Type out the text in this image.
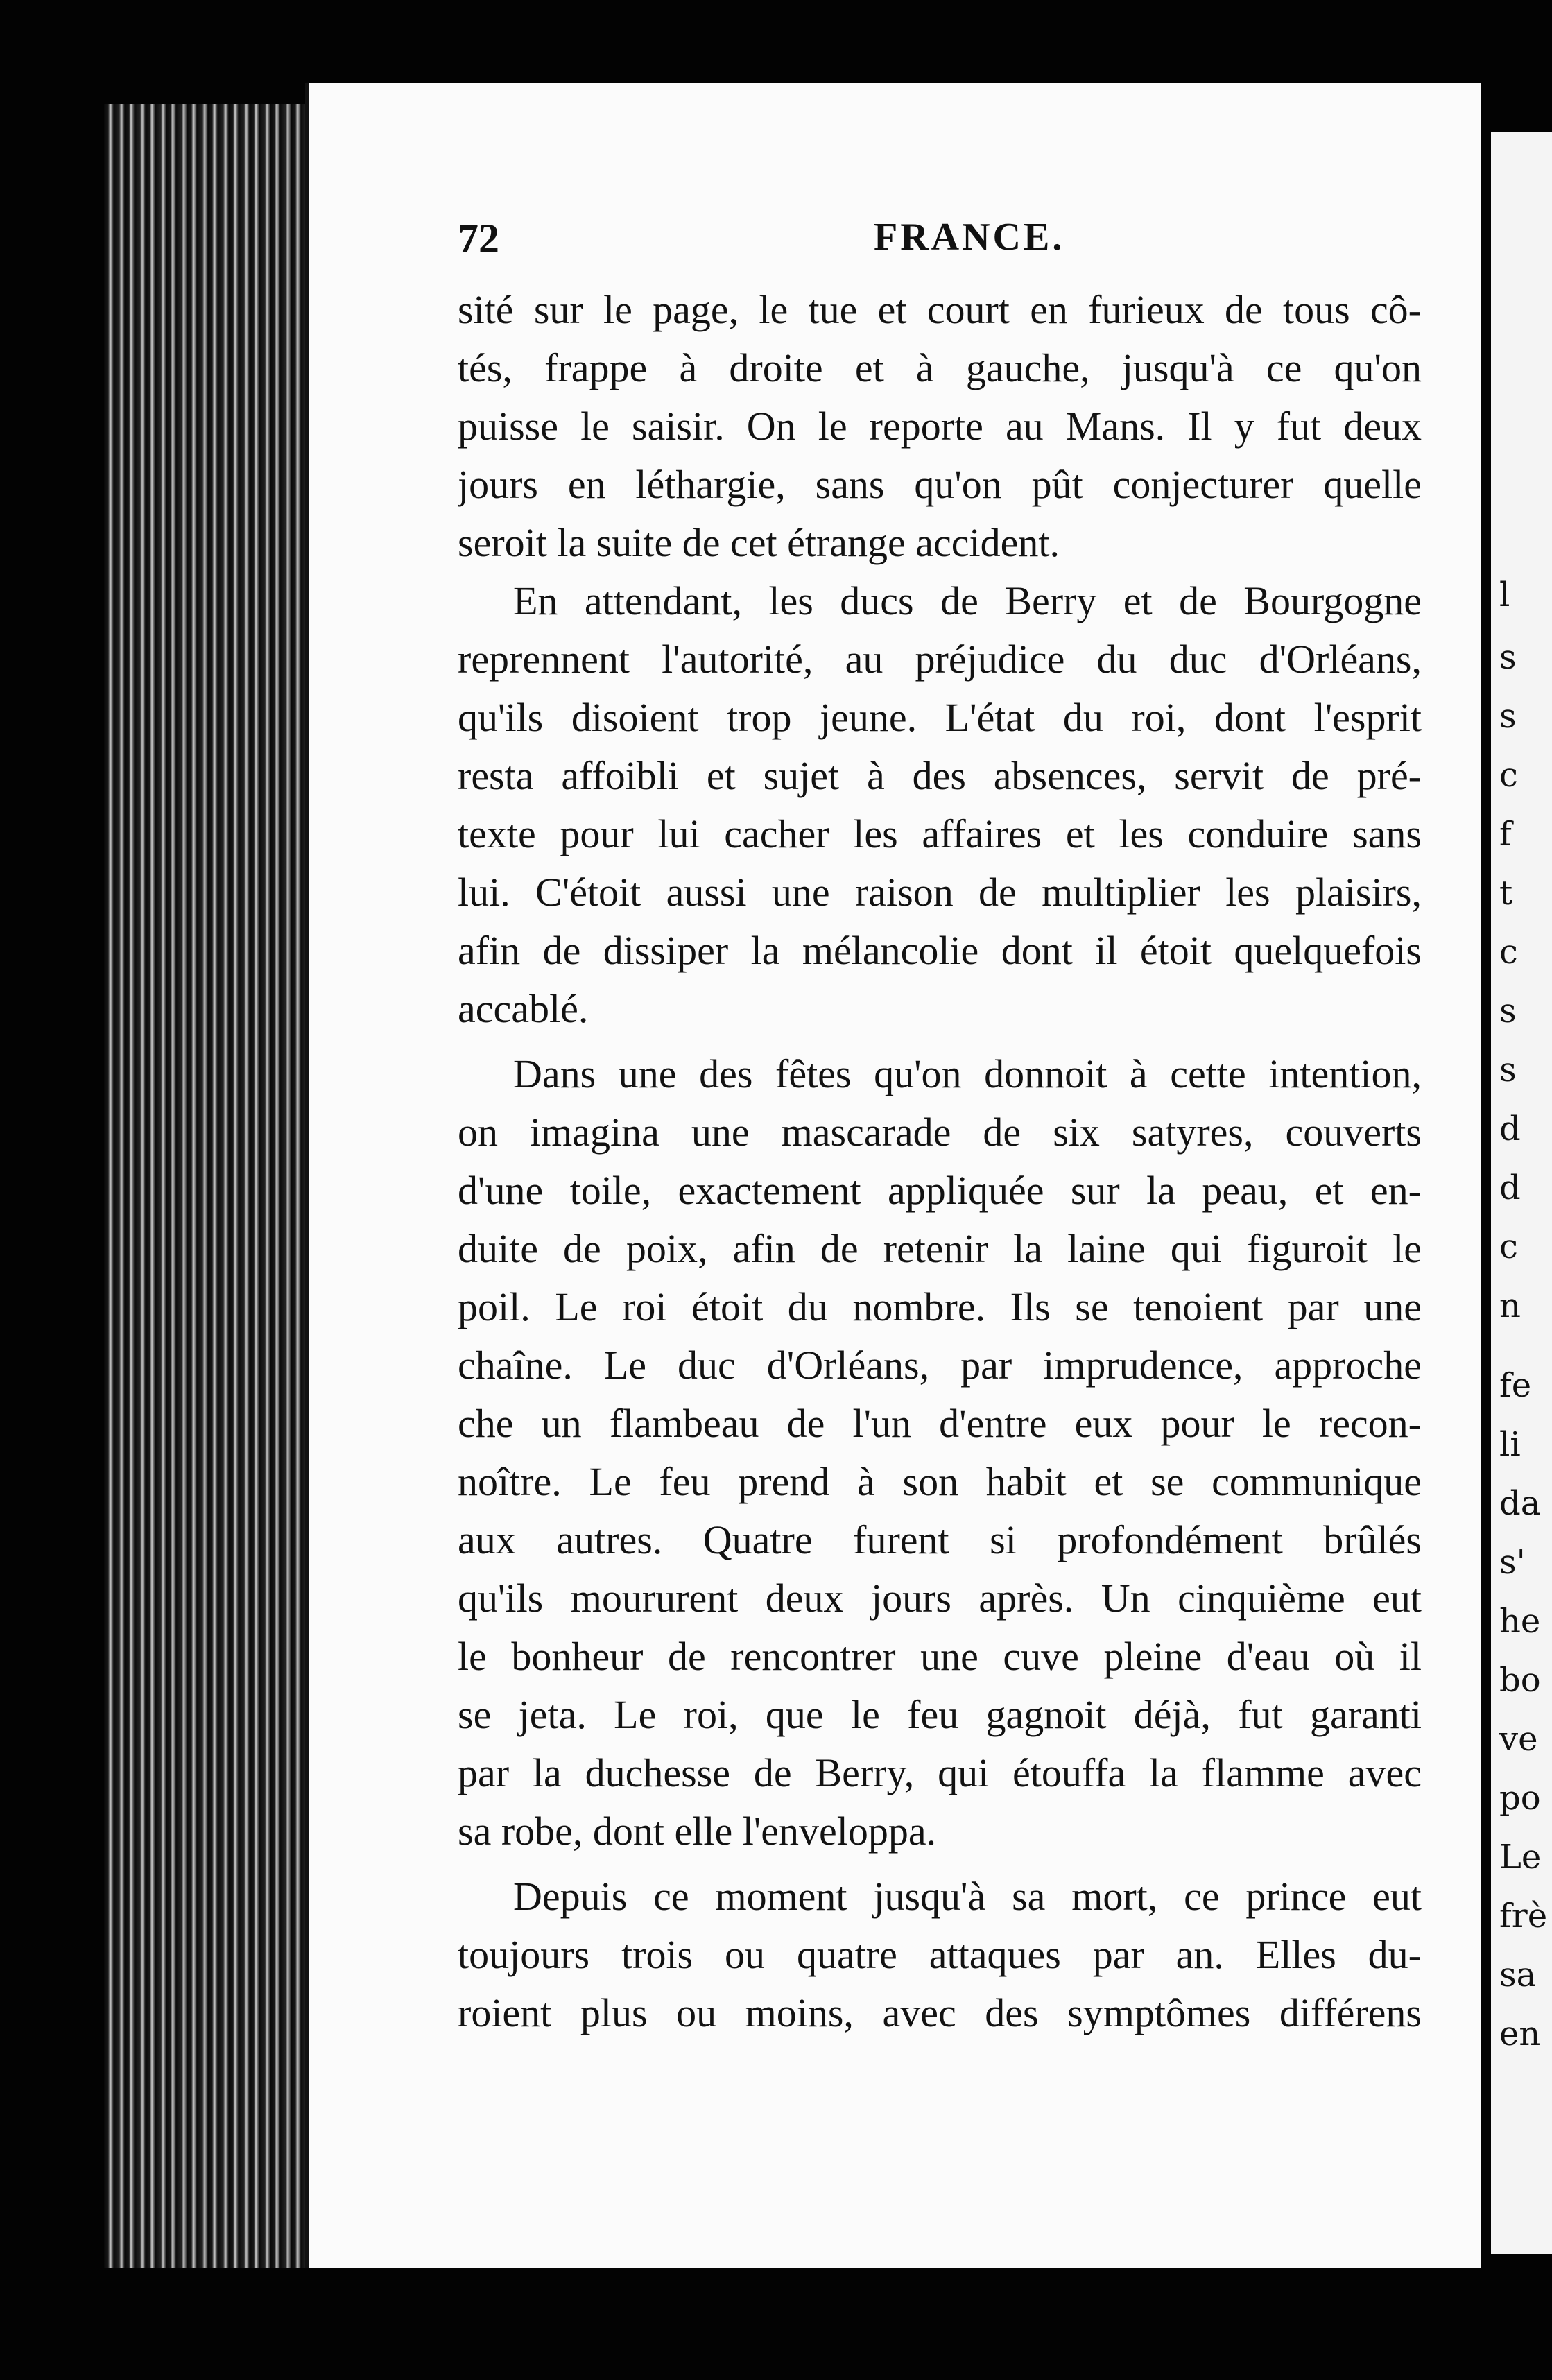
72	FRANCE.
sité sur le page, le tue et court en furieux de tous cô-
tés, frappe à droite et à gauche, jusqu'à ce qu'on
puisse le saisir. On le reporte au Mans. Il y fut deux
jours en léthargie, sans qu'on pût conjecturer quelle
seroit la suite de cet étrange accident.
En attendant, les ducs de Berry et de Bourgogne
reprennent l'autorité, au préjudice du duc d'Orléans,
qu'ils disoient trop jeune. L'état du roi, dont l'esprit
resta affoibli et sujet à des absences, servit de pré-
texte pour lui cacher les affaires et les conduire sans
lui. C'étoit aussi une raison de multiplier les plaisirs,
afin de dissiper la mélancolie dont il étoit quelquefois
accablé.
Dans une des fêtes qu'on donnoit à cette intention,
on imagina une mascarade de six satyres, couverts
d'une toile, exactement appliquée sur la peau, et en-
duite de poix, afin de retenir la laine qui figuroit le
poil. Le roi étoit du nombre. Ils se tenoient par une
chaîne. Le duc d'Orléans, par imprudence, approche
che un flambeau de l'un d'entre eux pour le recon-
noître. Le feu prend à son habit et se communique
aux autres. Quatre furent si profondément brûlés
qu'ils moururent deux jours après. Un cinquième eut
le bonheur de rencontrer une cuve pleine d'eau où il
se jeta. Le roi, que le feu gagnoit déjà, fut garanti
par la duchesse de Berry, qui étouffa la flamme avec
sa robe, dont elle l'enveloppa.
Depuis ce moment jusqu'à sa mort, ce prince eut
toujours trois ou quatre attaques par an. Elles du-
roient plus ou moins, avec des symptômes différens
l
s
s
c
f
t
c
s
s
d
d
c
n
fe
li
da
s'
he
bo
ve
po
Le
frè
sa
en
